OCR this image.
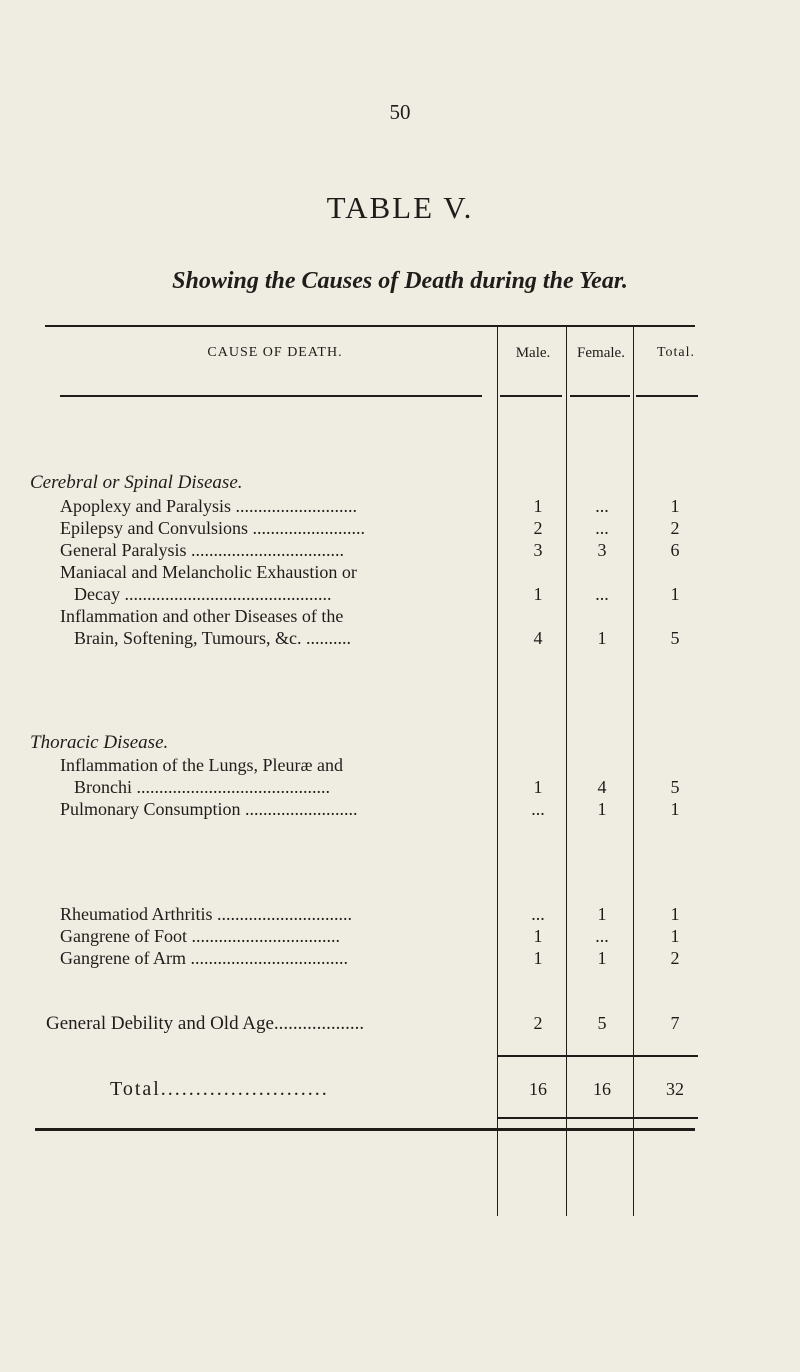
50
TABLE V.
Showing the Causes of Death during the Year.
CAUSE OF DEATH.	Male.	Female.	Total.
Cerebral or Spinal Disease.
Apoplexy and Paralysis ...........................	1	...	1
Epilepsy and Convulsions .........................	2	...	2
General Paralysis ..................................	3	3	6
Maniacal and Melancholic Exhaustion or
Decay ..............................................	1	...	1
Inflammation and other Diseases of the
Brain, Softening, Tumours, &c. ..........	4	1	5
Thoracic Disease.
Inflammation of the Lungs, Pleuræ and
Bronchi ...........................................	1	4	5
Pulmonary Consumption .........................	...	1	1
Rheumatiod Arthritis ..............................	...	1	1
Gangrene of Foot .................................	1	...	1
Gangrene of Arm ...................................	1	1	2
General Debility and Old Age...................	2	5	7
Total........................	16	16	32
